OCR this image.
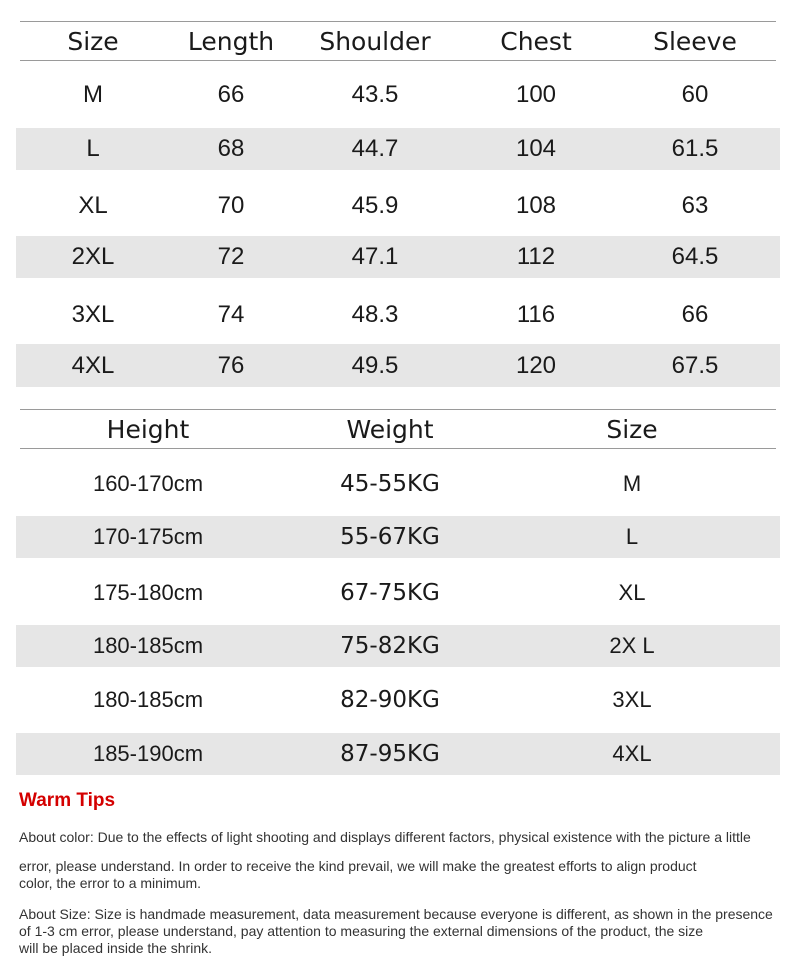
Size	Length	Shoulder	Chest	Sleeve
M	66	43.5	100	60
L	68	44.7	104	61.5
XL	70	45.9	108	63
2XL	72	47.1	112	64.5
3XL	74	48.3	116	66
4XL	76	49.5	120	67.5
Height	Weight	Size
160-170cm	45-55KG	M
170-175cm	55-67KG	L
175-180cm	67-75KG	XL
180-185cm	75-82KG	2X L
180-185cm	82-90KG	3XL
185-190cm	87-95KG	4XL
Warm Tips
About color: Due to the effects of light shooting and displays different factors, physical existence with the picture a little
error, please understand. In order to receive the kind prevail, we will make the greatest efforts to align product
color, the error to a minimum.
About Size: Size is handmade measurement, data measurement because everyone is different, as shown in the presence
of 1-3 cm error, please understand, pay attention to measuring the external dimensions of the product, the size
will be placed inside the shrink.
